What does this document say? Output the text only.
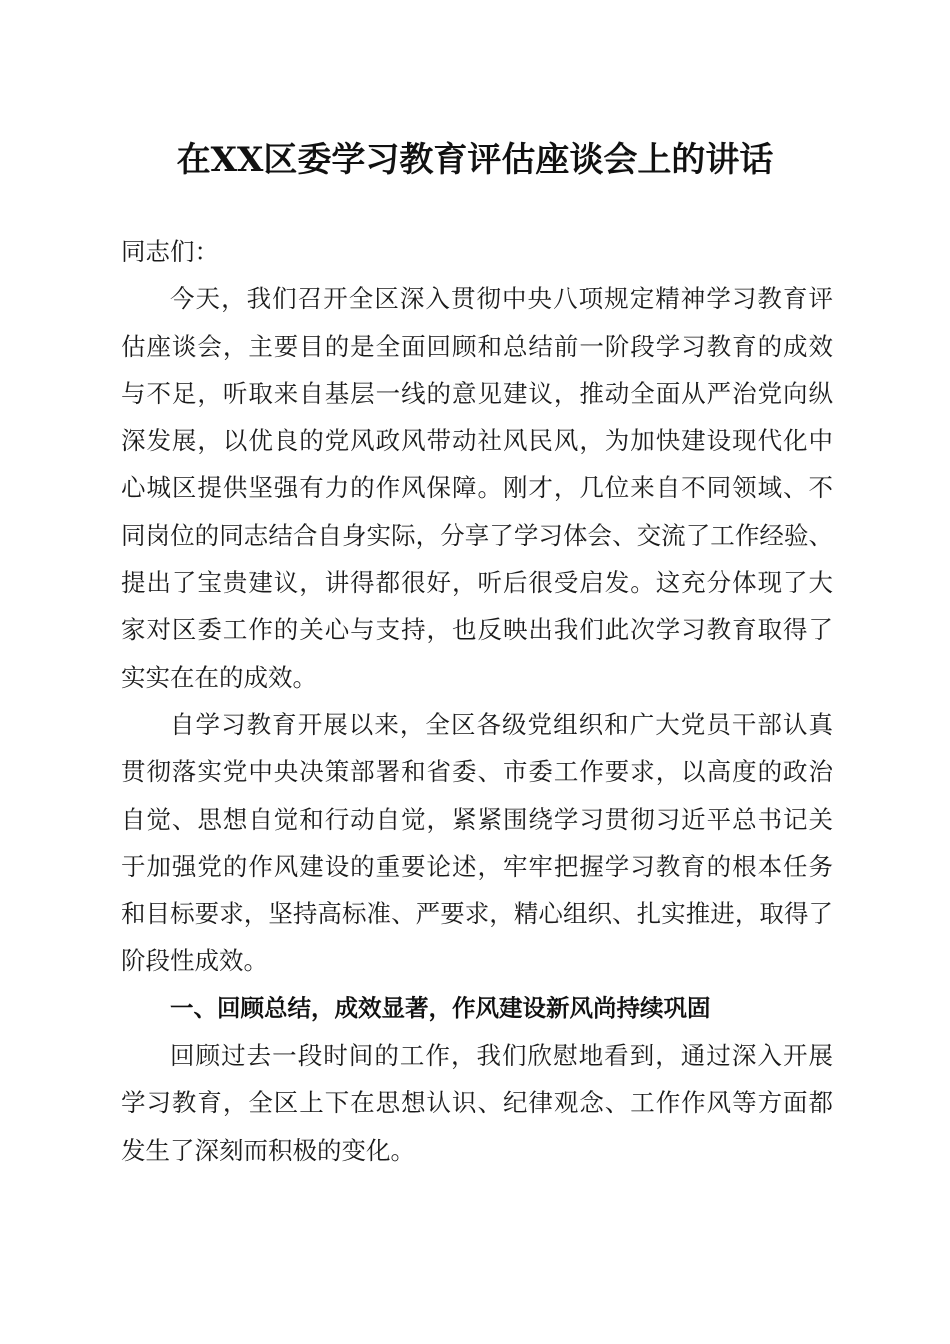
在XX区委学习教育评估座谈会上的讲话
同志们：
今天，我们召开全区深入贯彻中央八项规定精神学习教育评
估座谈会，主要目的是全面回顾和总结前一阶段学习教育的成效
与不足，听取来自基层一线的意见建议，推动全面从严治党向纵
深发展，以优良的党风政风带动社风民风，为加快建设现代化中
心城区提供坚强有力的作风保障。刚才，几位来自不同领域、不
同岗位的同志结合自身实际，分享了学习体会、交流了工作经验、
提出了宝贵建议，讲得都很好，听后很受启发。这充分体现了大
家对区委工作的关心与支持，也反映出我们此次学习教育取得了
实实在在的成效。
自学习教育开展以来，全区各级党组织和广大党员干部认真
贯彻落实党中央决策部署和省委、市委工作要求，以高度的政治
自觉、思想自觉和行动自觉，紧紧围绕学习贯彻习近平总书记关
于加强党的作风建设的重要论述，牢牢把握学习教育的根本任务
和目标要求，坚持高标准、严要求，精心组织、扎实推进，取得了
阶段性成效。
一、回顾总结，成效显著，作风建设新风尚持续巩固
回顾过去一段时间的工作，我们欣慰地看到，通过深入开展
学习教育，全区上下在思想认识、纪律观念、工作作风等方面都
发生了深刻而积极的变化。
